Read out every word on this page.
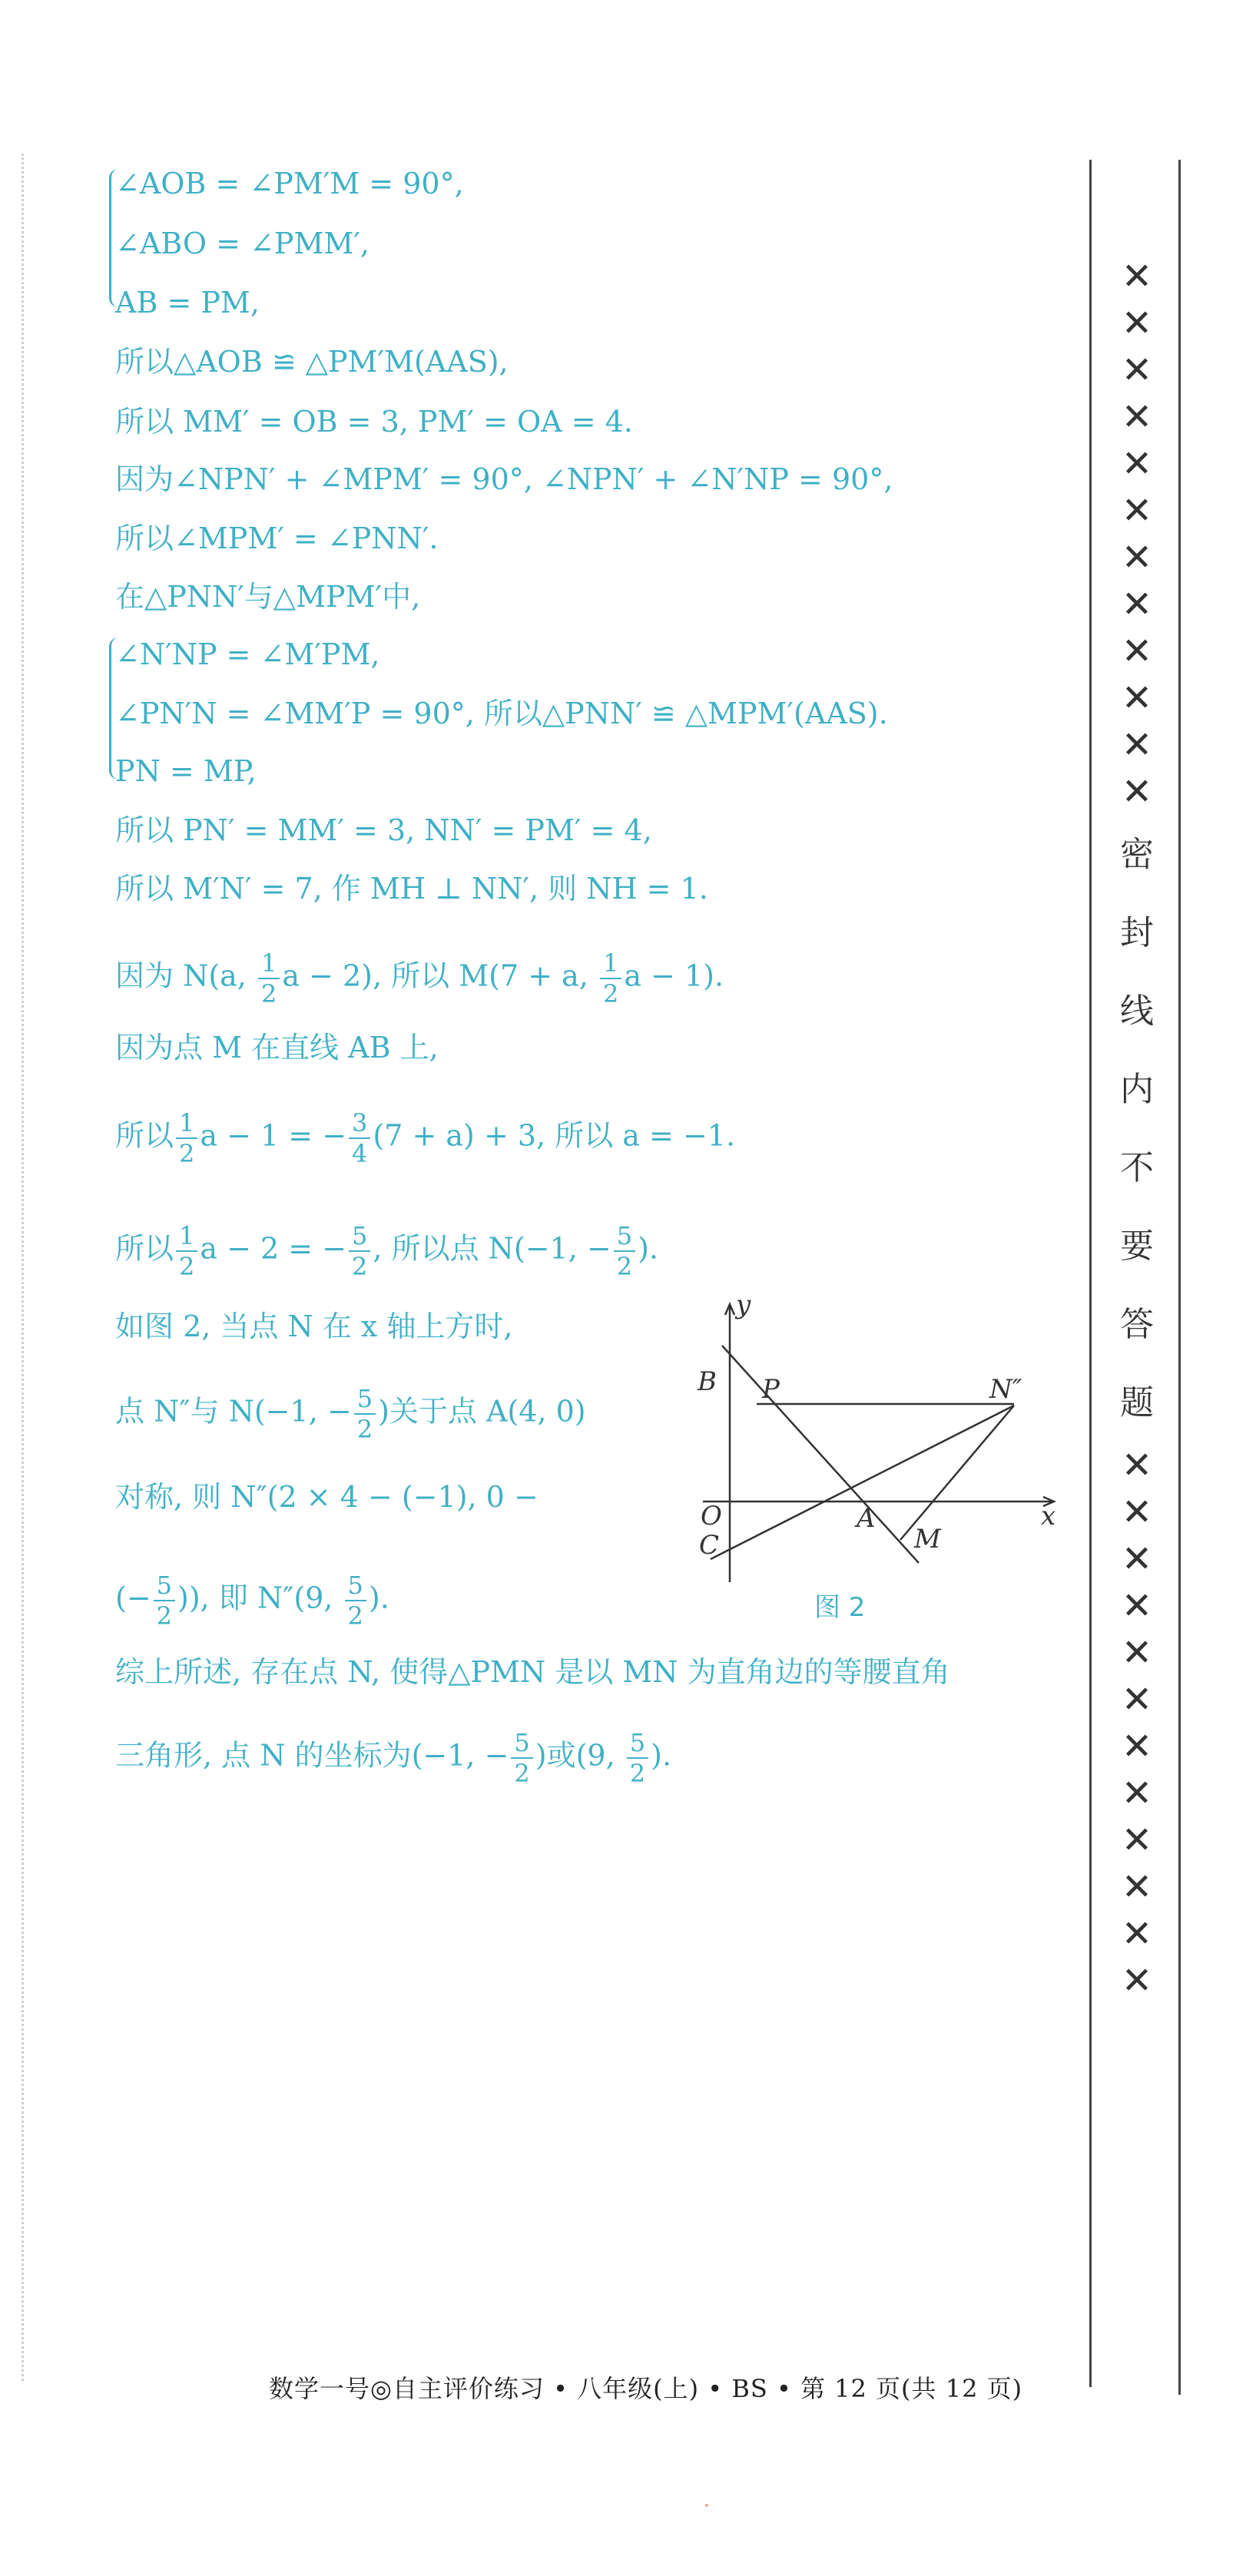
∠AOB = ∠PM′M = 90°,
∠ABO = ∠PMM′,
AB = PM,
所以△AOB ≌ △PM′M(AAS),
所以 MM′ = OB = 3, PM′ = OA = 4.
因为∠NPN′ + ∠MPM′ = 90°, ∠NPN′ + ∠N′NP = 90°,
所以∠MPM′ = ∠PNN′.
在△PNN′与△MPM′中,
∠N′NP = ∠M′PM,
∠PN′N = ∠MM′P = 90°, 所以△PNN′ ≌ △MPM′(AAS).
PN = MP,
所以 PN′ = MM′ = 3, NN′ = PM′ = 4,
所以 M′N′ = 7, 作 MH ⊥ NN′, 则 NH = 1.
因为 N(a, $\frac{1}{2}$ a − 2), 所以 M(7 + a, $\frac{1}{2}$ a − 1).
因为点 M 在直线 AB 上,
所以 $\frac{1}{2}$ a − 1 = − $\frac{3}{4} (7 + a) + 3$, 所以 a = −1.
所以 $\frac{1}{2}$ a − 2 = − $\frac{5}{2}$ , 所以点 N(−1, − $\frac{5}{2}$ ).
如图 2, 当点 N 在 x 轴上方时,
点 N″与 N(−1, − $\frac{5}{2}$ )关于点 A(4, 0)
对称, 则 N″(2 × 4 − (−1), 0 −
(− $\frac{5}{2}$ )), 即 N″(9, $\frac{5}{2}$ ).
综上所述, 存在点 N, 使得△PMN 是以 MN 为直角边的等腰直角
三角形, 点 N 的坐标为(−1, − $\frac{5}{2}$ )或(9, $\frac{5}{2}$ ).
y
x
B P	N″
O	A
C	M
图 2
✕
✕
✕
✕
✕
✕
✕
✕
✕
✕
✕
✕
密
封
线
内
不
要
答
题
✕
✕
✕
✕
✕
✕
✕
✕
✕
✕
✕
✕
数学一号◎自主评价练习 • 八年级(上) • BS • 第 12 页(共 12 页)
